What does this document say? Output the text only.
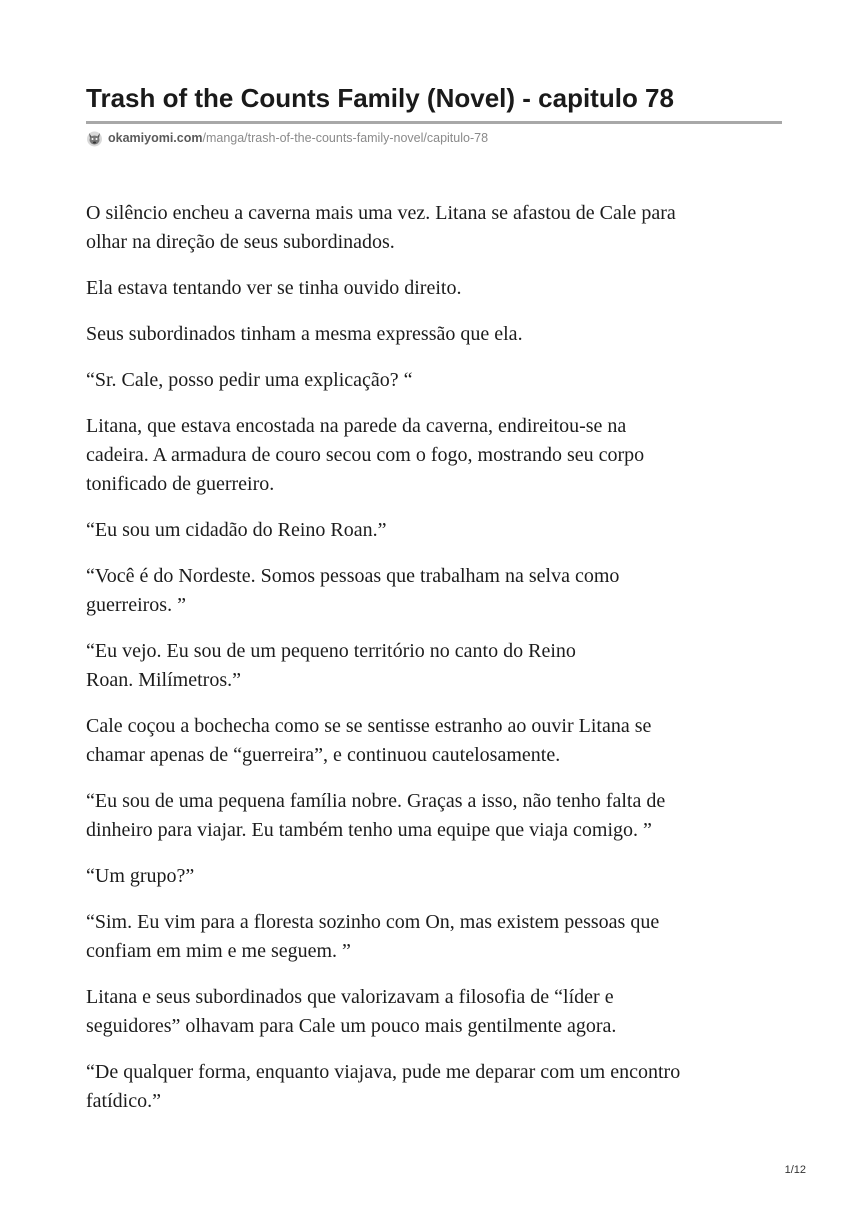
Trash of the Counts Family (Novel) - capitulo 78
okamiyomi.com /manga/trash-of-the-counts-family-novel/capitulo-78

O silêncio encheu a caverna mais uma vez. Litana se afastou de Cale para
olhar na direção de seus subordinados.

Ela estava tentando ver se tinha ouvido direito.

Seus subordinados tinham a mesma expressão que ela.

“Sr. Cale, posso pedir uma explicação? “

Litana, que estava encostada na parede da caverna, endireitou-se na
cadeira. A armadura de couro secou com o fogo, mostrando seu corpo
tonificado de guerreiro.

“Eu sou um cidadão do Reino Roan.”

“Você é do Nordeste. Somos pessoas que trabalham na selva como
guerreiros. ”

“Eu vejo. Eu sou de um pequeno território no canto do Reino
Roan. Milímetros.”

Cale coçou a bochecha como se se sentisse estranho ao ouvir Litana se
chamar apenas de “guerreira”, e continuou cautelosamente.

“Eu sou de uma pequena família nobre. Graças a isso, não tenho falta de
dinheiro para viajar. Eu também tenho uma equipe que viaja comigo. ”

“Um grupo?”

“Sim. Eu vim para a floresta sozinho com On, mas existem pessoas que
confiam em mim e me seguem. ”

Litana e seus subordinados que valorizavam a filosofia de “líder e
seguidores” olhavam para Cale um pouco mais gentilmente agora.

“De qualquer forma, enquanto viajava, pude me deparar com um encontro
fatídico.”

1/12
